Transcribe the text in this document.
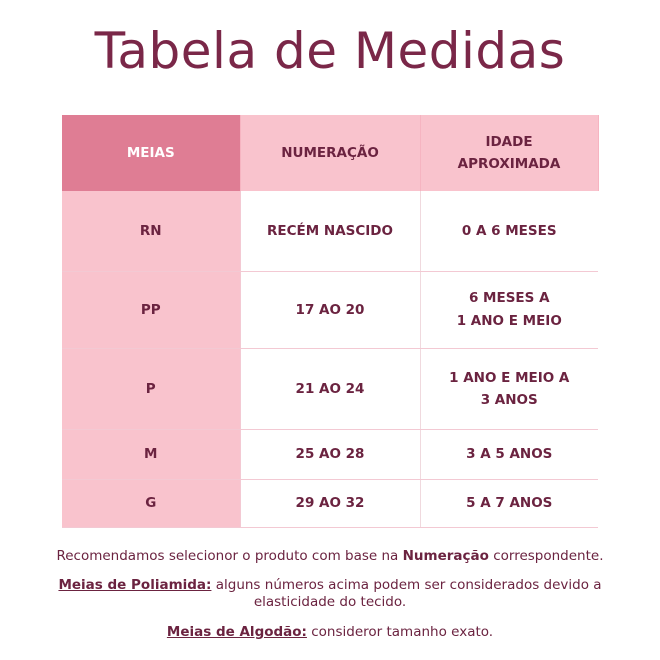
Tabela de Medidas
MEIAS	NUMERAÇÃO	IDADE
APROXIMADA
RN	RECÉM NASCIDO	0 A 6 MESES
PP	17 AO 20	6 MESES A
1 ANO E MEIO
P	21 AO 24	1 ANO E MEIO A
3 ANOS
M	25 AO 28	3 A 5 ANOS
G	29 AO 32	5 A 7 ANOS
Recomendamos selecionor o produto com base na Numeração correspondente.
Meias de Poliamida: alguns números acima podem ser considerados devido a
elasticidade do tecido.
Meias de Algodão: consideror tamanho exato.
